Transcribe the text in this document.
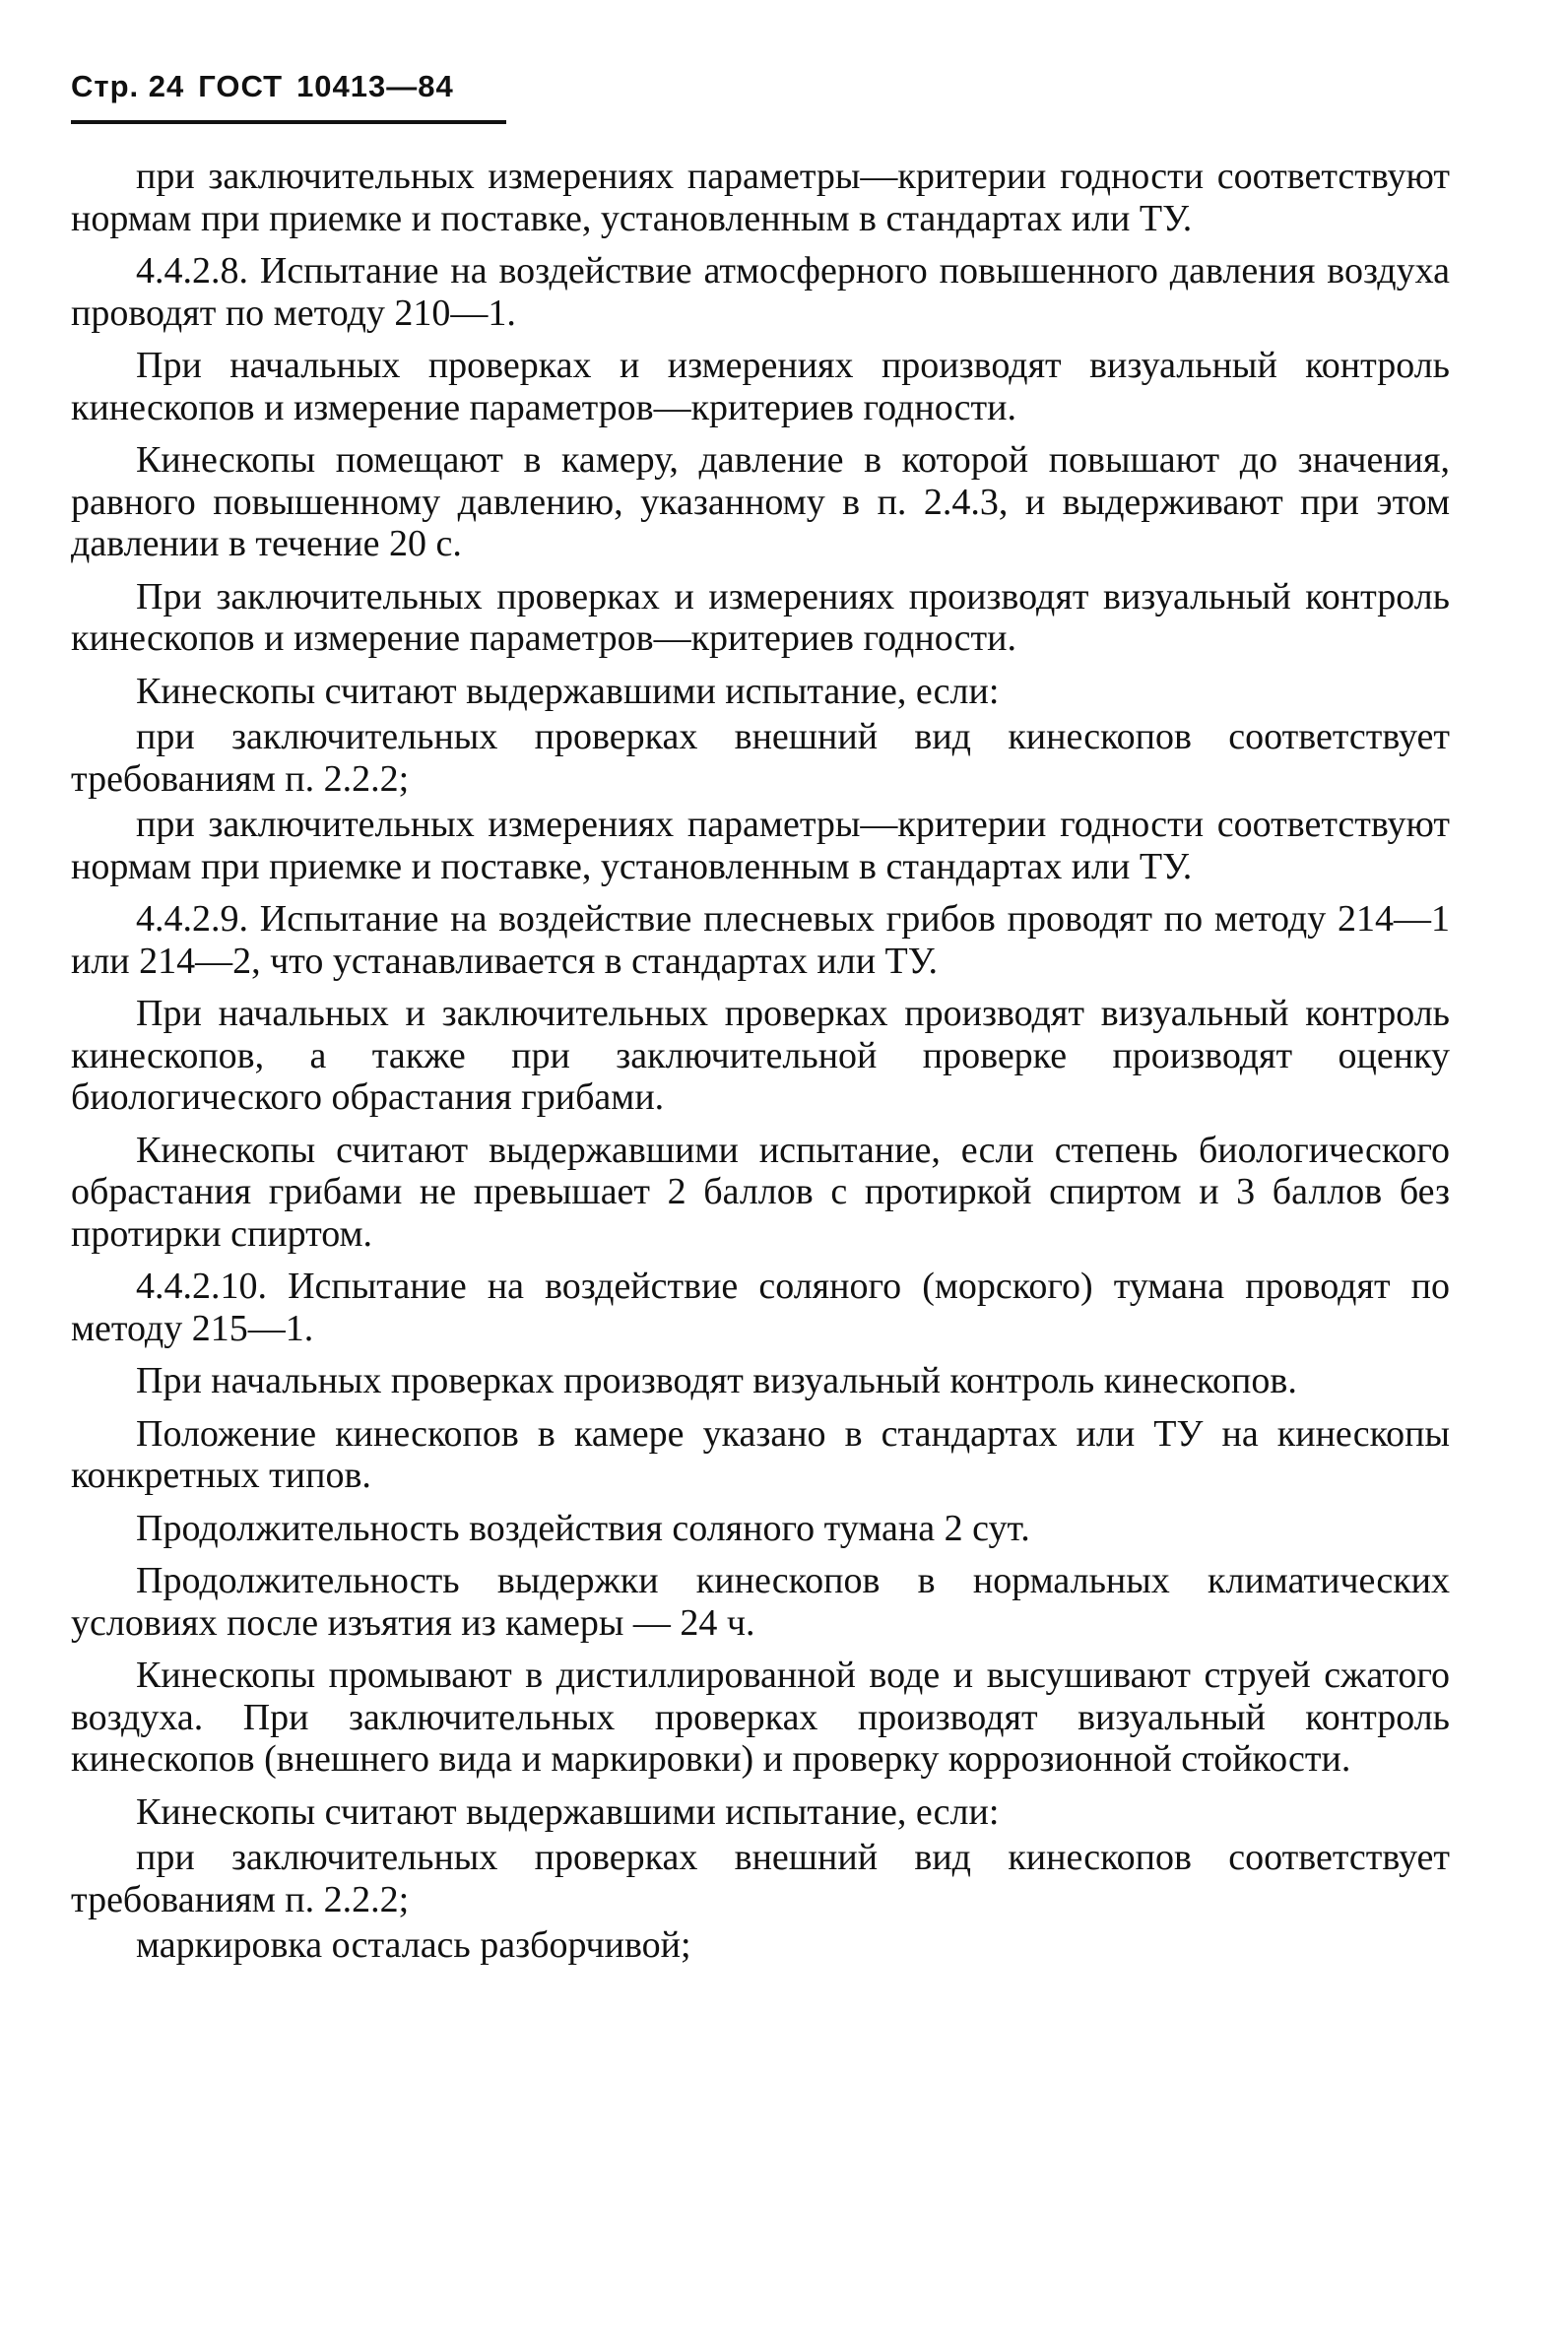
Стр. 24 ГОСТ 10413—84

при заключительных измерениях параметры—критерии годности соответствуют нормам при приемке и поставке, установленным в стандартах или ТУ.

4.4.2.8. Испытание на воздействие атмосферного повышенного давления воздуха проводят по методу 210—1.

При начальных проверках и измерениях производят визуальный контроль кинескопов и измерение параметров—критериев годности.

Кинескопы помещают в камеру, давление в которой повышают до значения, равного повышенному давлению, указанному в п. 2.4.3, и выдерживают при этом давлении в течение 20 с.

При заключительных проверках и измерениях производят визуальный контроль кинескопов и измерение параметров—критериев годности.

Кинескопы считают выдержавшими испытание, если:

при заключительных проверках внешний вид кинескопов соответствует требованиям п. 2.2.2;

при заключительных измерениях параметры—критерии годности соответствуют нормам при приемке и поставке, установленным в стандартах или ТУ.

4.4.2.9. Испытание на воздействие плесневых грибов проводят по методу 214—1 или 214—2, что устанавливается в стандартах или ТУ.

При начальных и заключительных проверках производят визуальный контроль кинескопов, а также при заключительной проверке производят оценку биологического обрастания грибами.

Кинескопы считают выдержавшими испытание, если степень биологического обрастания грибами не превышает 2 баллов с протиркой спиртом и 3 баллов без протирки спиртом.

4.4.2.10. Испытание на воздействие соляного (морского) тумана проводят по методу 215—1.

При начальных проверках производят визуальный контроль кинескопов.

Положение кинескопов в камере указано в стандартах или ТУ на кинескопы конкретных типов.

Продолжительность воздействия соляного тумана 2 сут.

Продолжительность выдержки кинескопов в нормальных климатических условиях после изъятия из камеры — 24 ч.

Кинескопы промывают в дистиллированной воде и высушивают струей сжатого воздуха. При заключительных проверках производят визуальный контроль кинескопов (внешнего вида и маркировки) и проверку коррозионной стойкости.

Кинескопы считают выдержавшими испытание, если:

при заключительных проверках внешний вид кинескопов соответствует требованиям п. 2.2.2;

маркировка осталась разборчивой;
